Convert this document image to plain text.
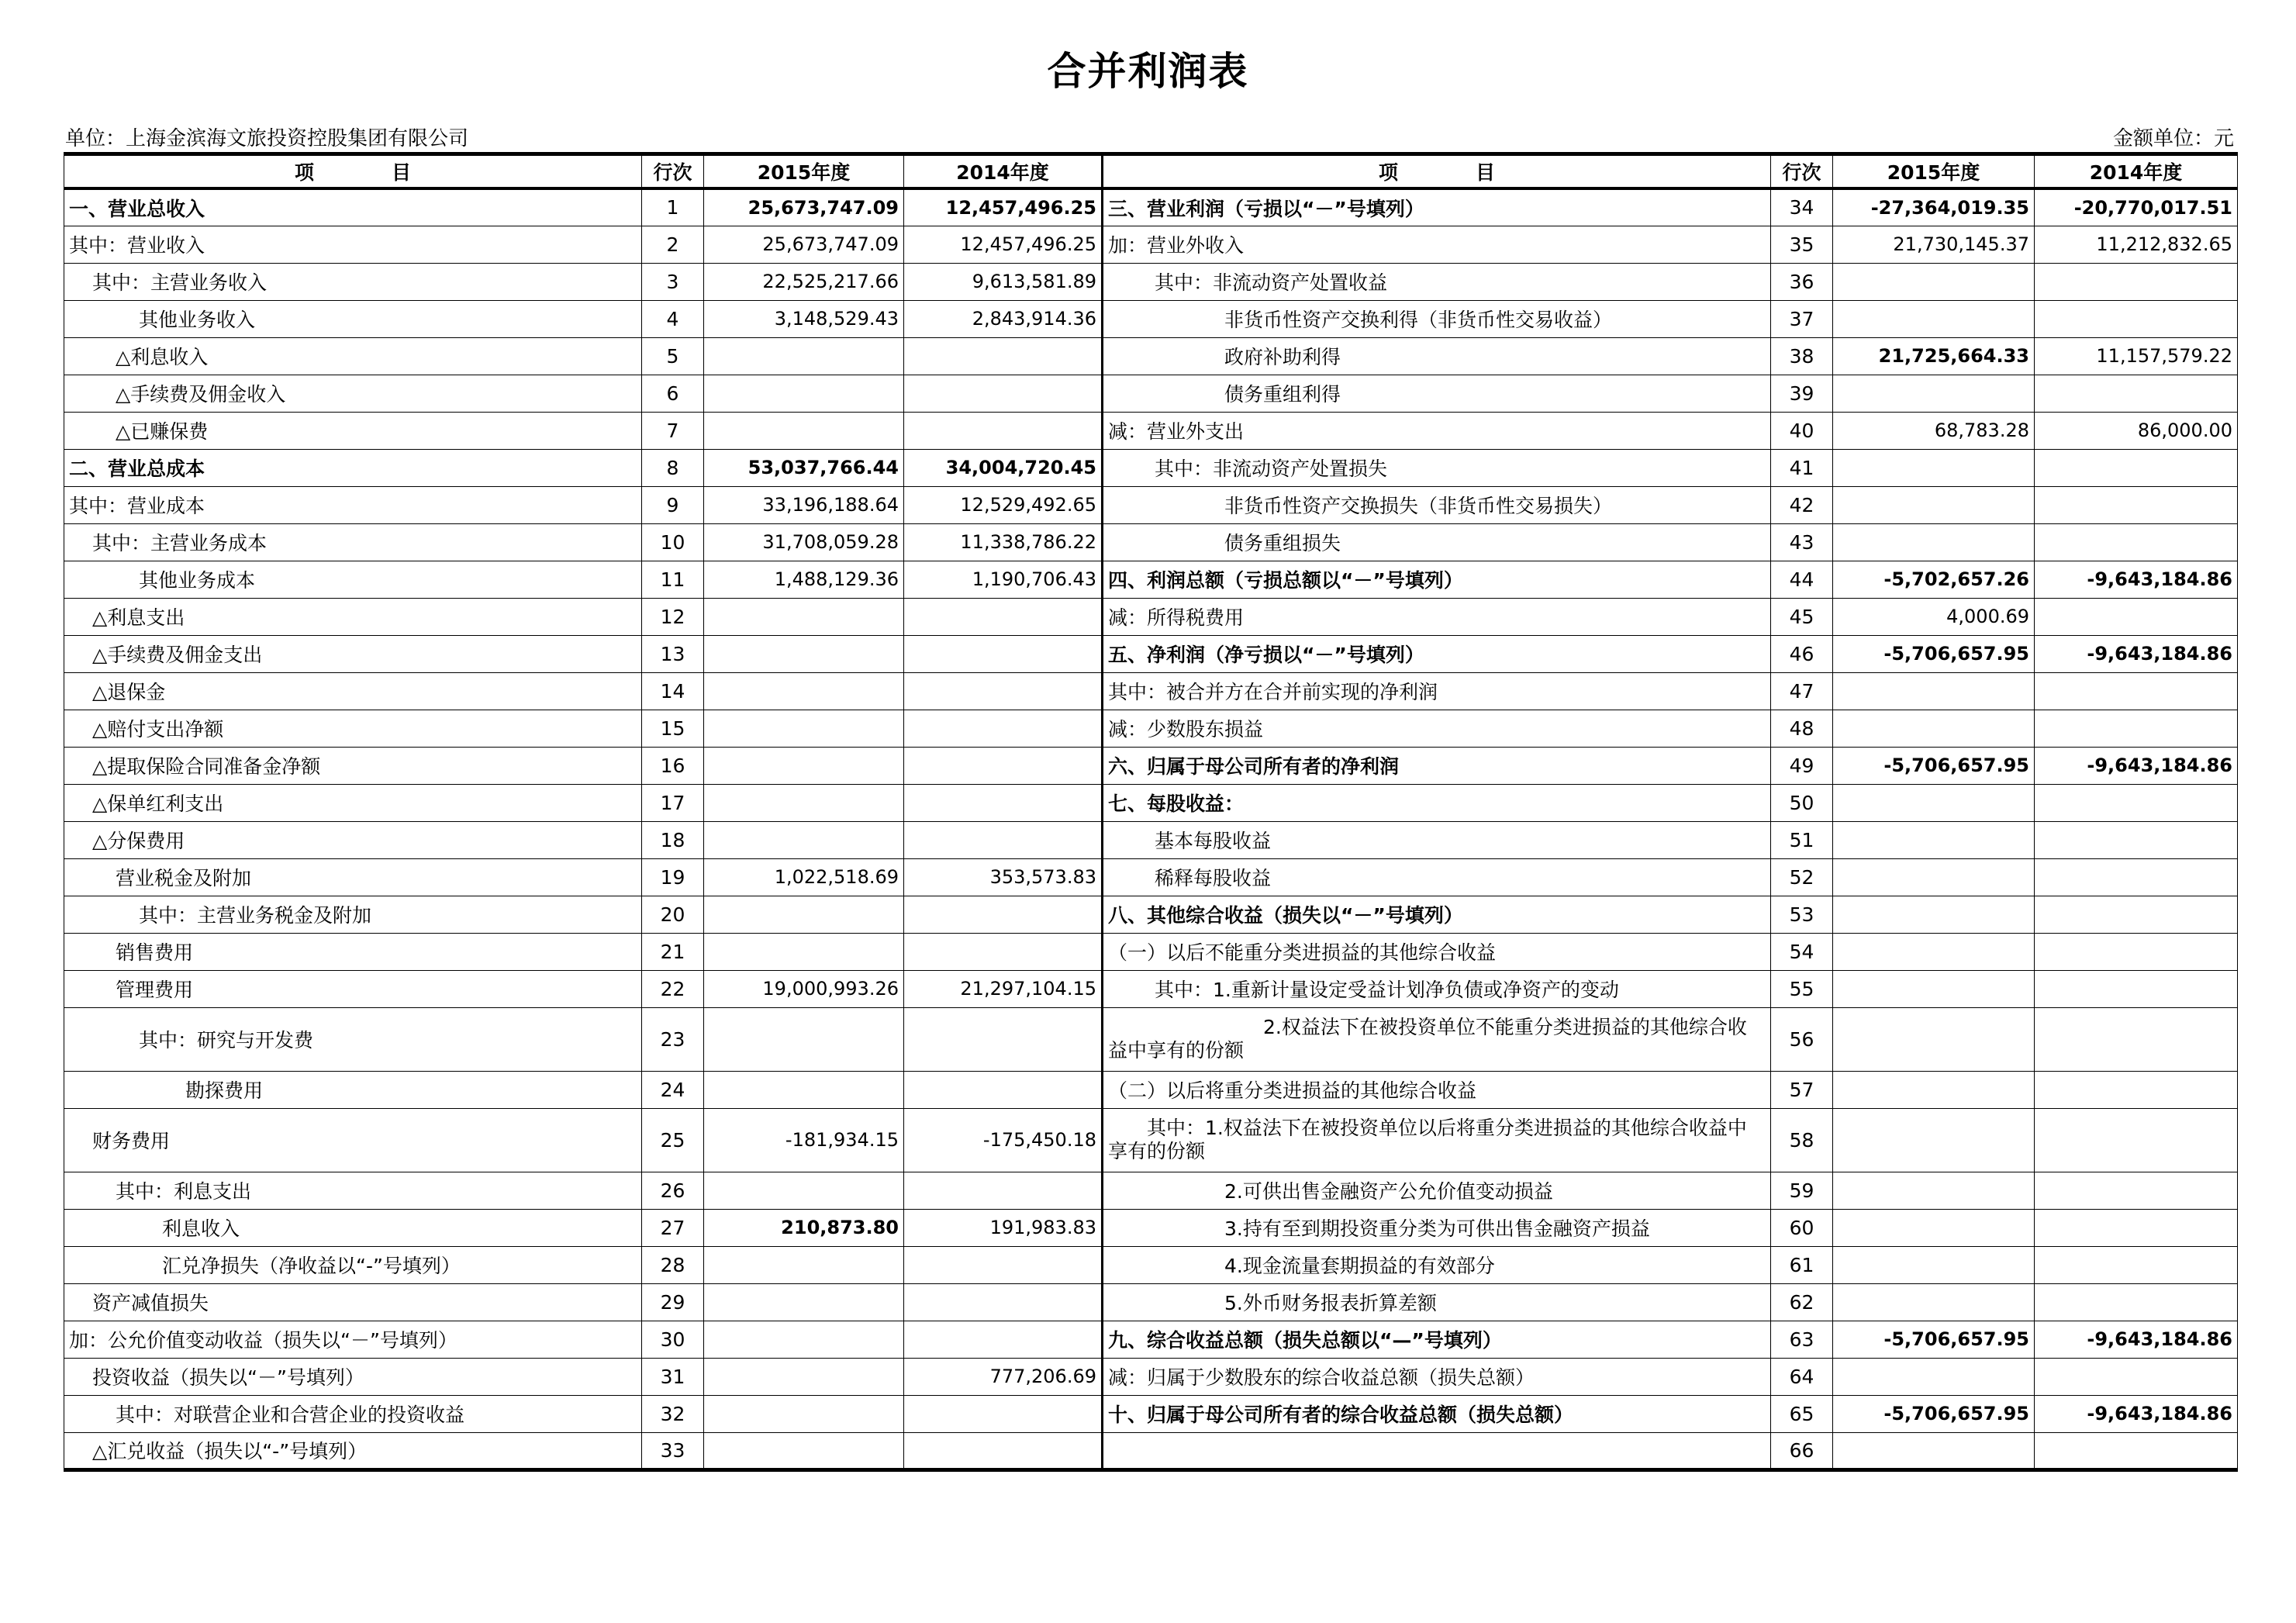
合并利润表
单位：上海金滨海文旅投资控股集团有限公司	金额单位：元
项　　　　目	行次	2015年度	2014年度	项　　　　目	行次	2015年度	2014年度
一、营业总收入	1	25,673,747.09	12,457,496.25	三、营业利润（亏损以“－”号填列）	34	-27,364,019.35	-20,770,017.51
其中：营业收入	2	25,673,747.09	12,457,496.25	加：营业外收入	35	21,730,145.37	11,212,832.65
其中：主营业务收入	3	22,525,217.66	9,613,581.89	其中：非流动资产处置收益	36		
其他业务收入	4	3,148,529.43	2,843,914.36	非货币性资产交换利得（非货币性交易收益）	37		
△利息收入	5			政府补助利得	38	21,725,664.33	11,157,579.22
△手续费及佣金收入	6			债务重组利得	39		
△已赚保费	7			减：营业外支出	40	68,783.28	86,000.00
二、营业总成本	8	53,037,766.44	34,004,720.45	其中：非流动资产处置损失	41		
其中：营业成本	9	33,196,188.64	12,529,492.65	非货币性资产交换损失（非货币性交易损失）	42		
其中：主营业务成本	10	31,708,059.28	11,338,786.22	债务重组损失	43		
其他业务成本	11	1,488,129.36	1,190,706.43	四、利润总额（亏损总额以“－”号填列）	44	-5,702,657.26	-9,643,184.86
△利息支出	12			减：所得税费用	45	4,000.69	
△手续费及佣金支出	13			五、净利润（净亏损以“－”号填列）	46	-5,706,657.95	-9,643,184.86
△退保金	14			其中：被合并方在合并前实现的净利润	47		
△赔付支出净额	15			减：少数股东损益	48		
△提取保险合同准备金净额	16			六、归属于母公司所有者的净利润	49	-5,706,657.95	-9,643,184.86
△保单红利支出	17			七、每股收益：	50		
△分保费用	18			基本每股收益	51		
营业税金及附加	19	1,022,518.69	353,573.83	稀释每股收益	52		
其中：主营业务税金及附加	20			八、其他综合收益（损失以“－”号填列）	53		
销售费用	21			（一）以后不能重分类进损益的其他综合收益	54		
管理费用	22	19,000,993.26	21,297,104.15	其中：1.重新计量设定受益计划净负债或净资产的变动	55		
其中：研究与开发费	23			　　　　　　　　2.权益法下在被投资单位不能重分类进损益的其他综合收益中享有的份额	56		
勘探费用	24			（二）以后将重分类进损益的其他综合收益	57		
财务费用	25	-181,934.15	-175,450.18	　　其中：1.权益法下在被投资单位以后将重分类进损益的其他综合收益中享有的份额	58		
其中：利息支出	26			2.可供出售金融资产公允价值变动损益	59		
利息收入	27	210,873.80	191,983.83	3.持有至到期投资重分类为可供出售金融资产损益	60		
汇兑净损失（净收益以“-”号填列）	28			4.现金流量套期损益的有效部分	61		
资产减值损失	29			5.外币财务报表折算差额	62		
加：公允价值变动收益（损失以“－”号填列）	30			九、综合收益总额（损失总额以“—”号填列）	63	-5,706,657.95	-9,643,184.86
投资收益（损失以“－”号填列）	31		777,206.69	减：归属于少数股东的综合收益总额（损失总额）	64		
其中：对联营企业和合营企业的投资收益	32			十、归属于母公司所有者的综合收益总额（损失总额）	65	-5,706,657.95	-9,643,184.86
△汇兑收益（损失以“-”号填列）	33				66		
